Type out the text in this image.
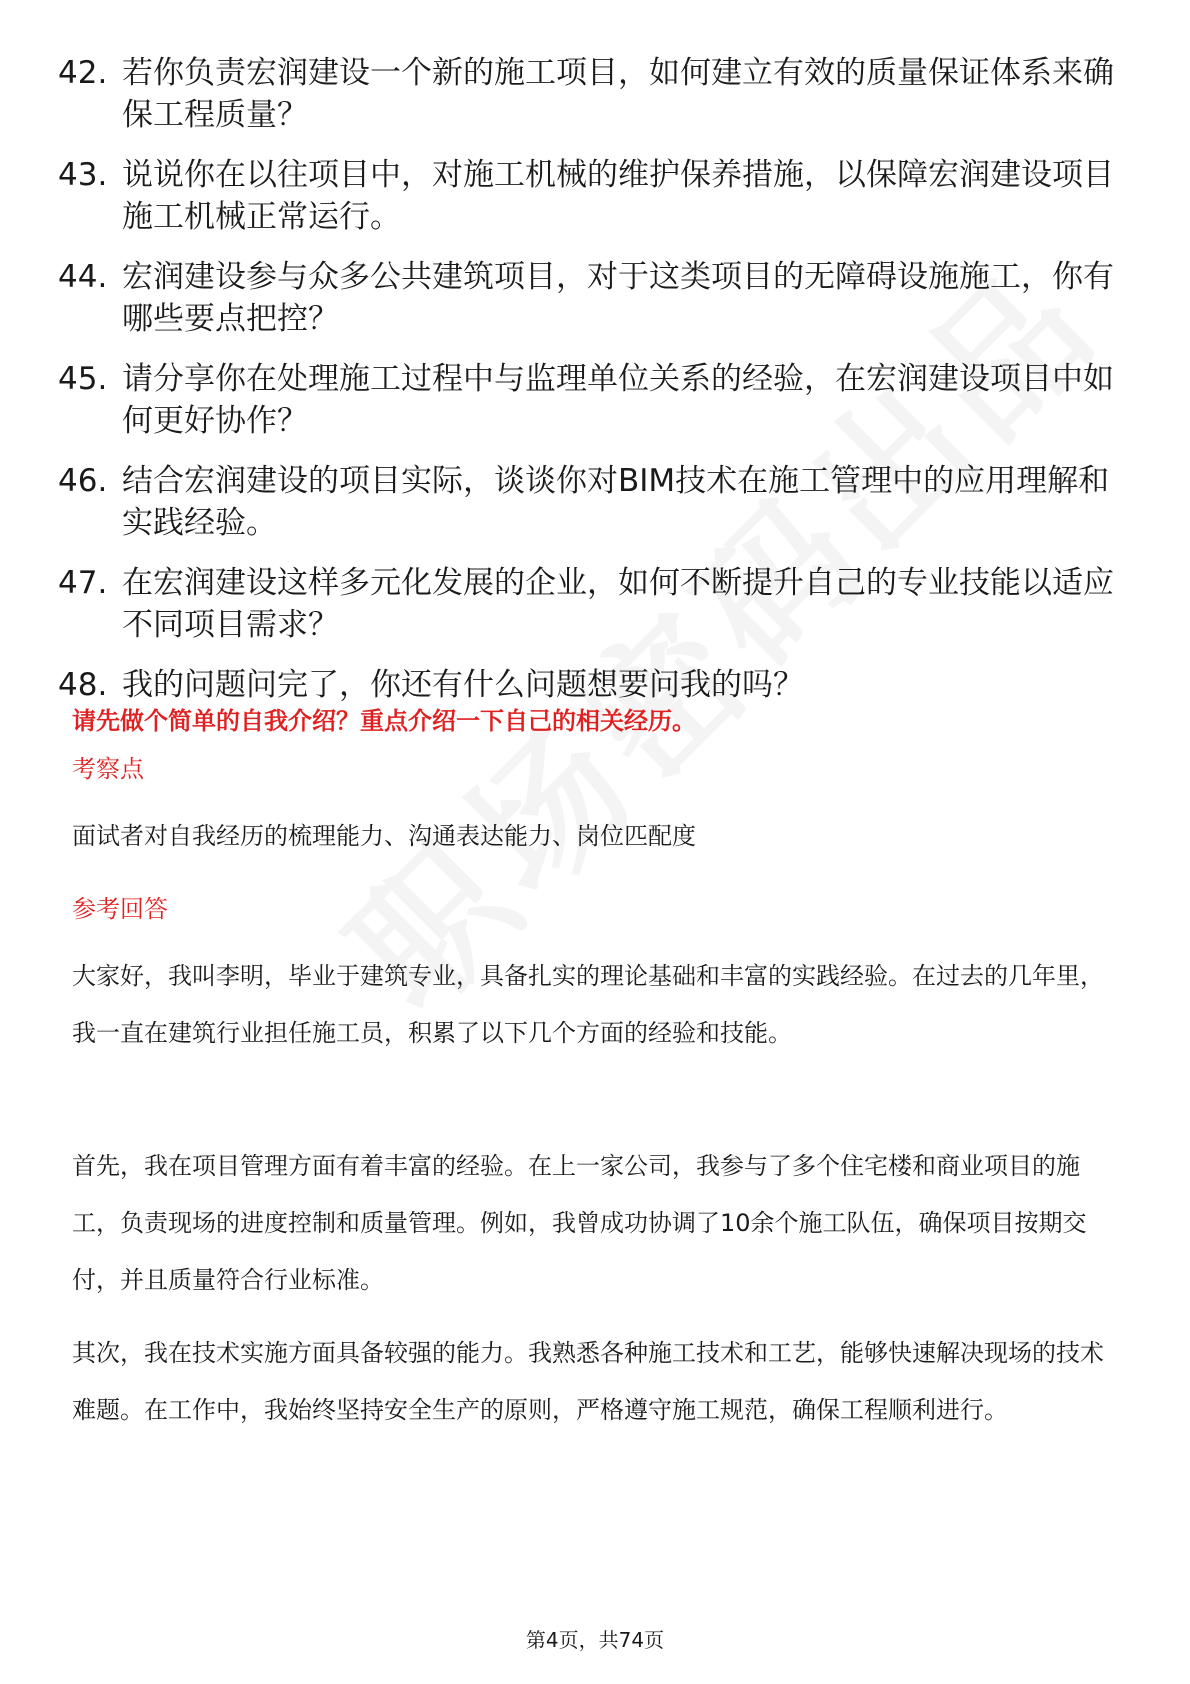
42. 若你负责宏润建设一个新的施工项目，如何建立有效的质量保证体系来确保工程质量？
43. 说说你在以往项目中，对施工机械的维护保养措施，以保障宏润建设项目施工机械正常运行。
44. 宏润建设参与众多公共建筑项目，对于这类项目的无障碍设施施工，你有哪些要点把控？
45. 请分享你在处理施工过程中与监理单位关系的经验，在宏润建设项目中如何更好协作？
46. 结合宏润建设的项目实际，谈谈你对BIM技术在施工管理中的应用理解和实践经验。
47. 在宏润建设这样多元化发展的企业，如何不断提升自己的专业技能以适应不同项目需求？
48. 我的问题问完了，你还有什么问题想要问我的吗？
请先做个简单的自我介绍？重点介绍一下自己的相关经历。
考察点
面试者对自我经历的梳理能力、沟通表达能力、岗位匹配度
参考回答
大家好，我叫李明，毕业于建筑专业，具备扎实的理论基础和丰富的实践经验。在过去的几年里，我一直在建筑行业担任施工员，积累了以下几个方面的经验和技能。
首先，我在项目管理方面有着丰富的经验。在上一家公司，我参与了多个住宅楼和商业项目的施工，负责现场的进度控制和质量管理。例如，我曾成功协调了10余个施工队伍，确保项目按期交付，并且质量符合行业标准。
其次，我在技术实施方面具备较强的能力。我熟悉各种施工技术和工艺，能够快速解决现场的技术难题。在工作中，我始终坚持安全生产的原则，严格遵守施工规范，确保工程顺利进行。
第4页，共74页
